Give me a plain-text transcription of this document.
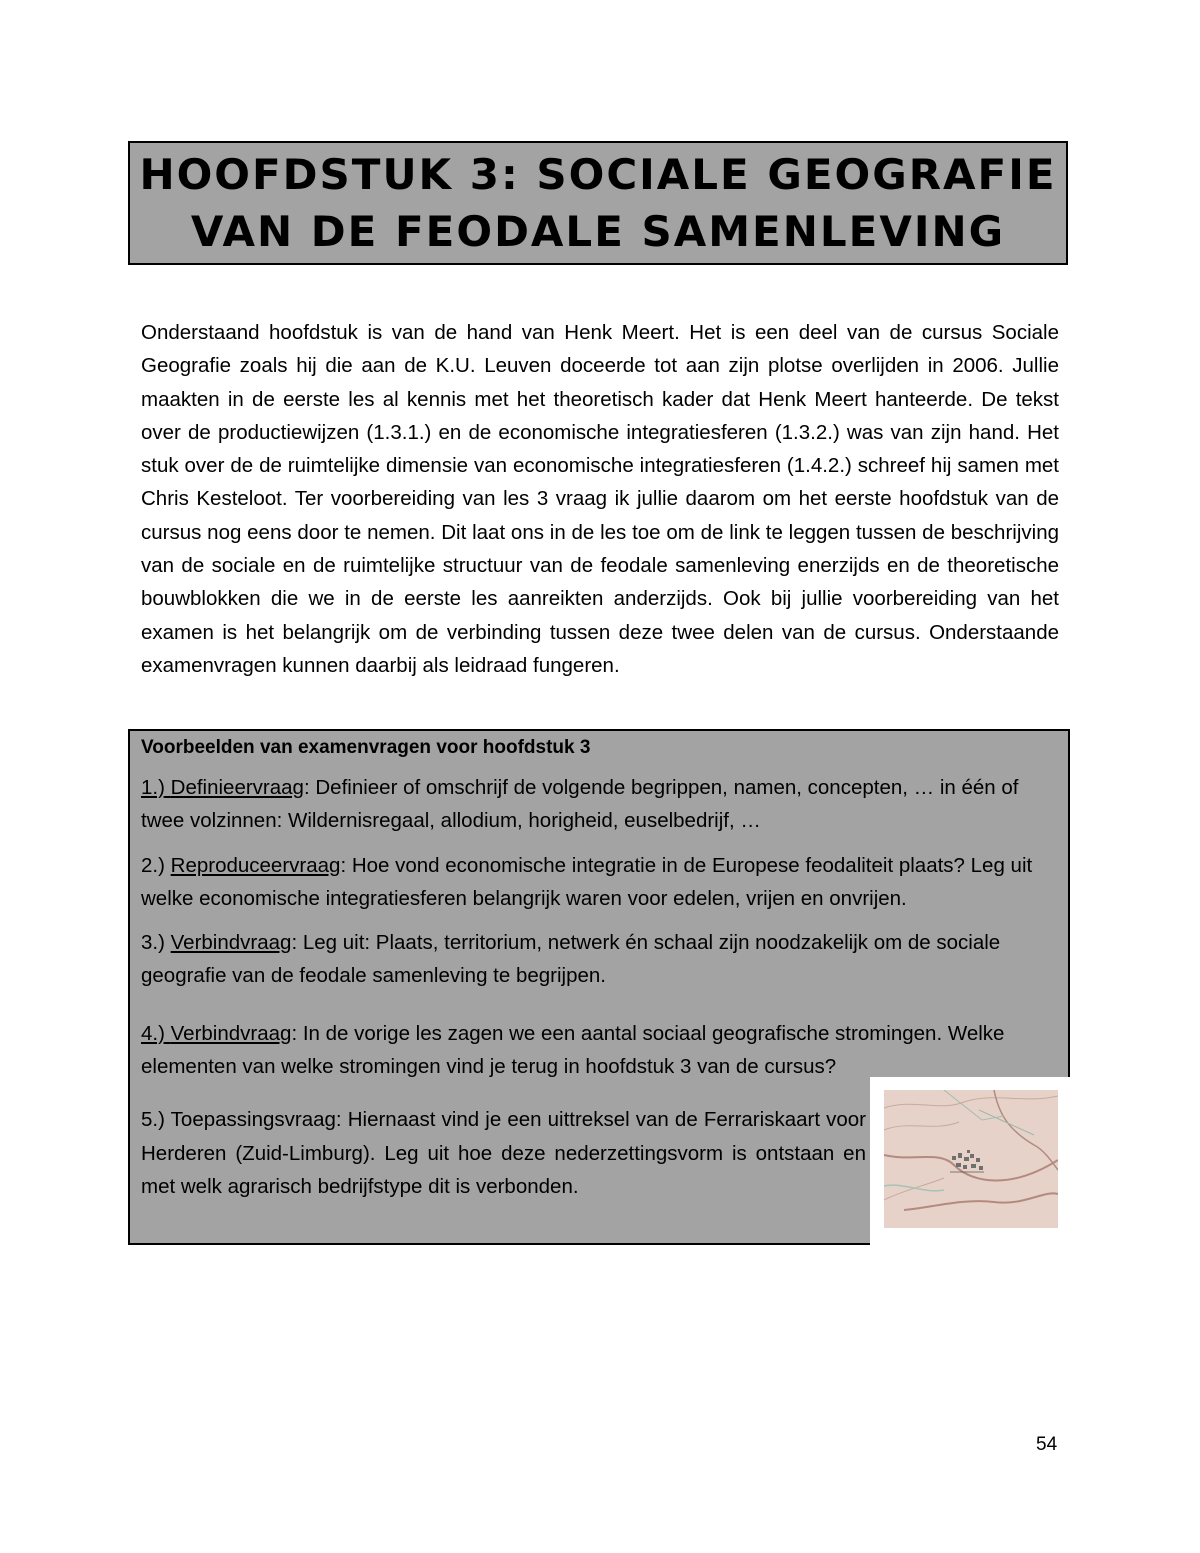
HOOFDSTUK 3: SOCIALE GEOGRAFIE
VAN DE FEODALE SAMENLEVING

Onderstaand hoofdstuk is van de hand van Henk Meert. Het is een deel van de cursus Sociale Geografie zoals hij die aan de K.U. Leuven doceerde tot aan zijn plotse overlijden in 2006. Jullie maakten in de eerste les al kennis met het theoretisch kader dat Henk Meert hanteerde. De tekst over de productiewijzen (1.3.1.) en de economische integratiesferen (1.3.2.) was van zijn hand. Het stuk over de de ruimtelijke dimensie van economische integratiesferen (1.4.2.) schreef hij samen met Chris Kesteloot. Ter voorbereiding van les 3 vraag ik jullie daarom om het eerste hoofdstuk van de cursus nog eens door te nemen. Dit laat ons in de les toe om de link te leggen tussen de beschrijving van de sociale en de ruimtelijke structuur van de feodale samenleving enerzijds en de theoretische bouwblokken die we in de eerste les aanreikten anderzijds. Ook bij jullie voorbereiding van het examen is het belangrijk om de verbinding tussen deze twee delen van de cursus. Onderstaande examenvragen kunnen daarbij als leidraad fungeren.

Voorbeelden van examenvragen voor hoofdstuk 3

1.) Definieervraag: Definieer of omschrijf de volgende begrippen, namen, concepten, … in één of twee volzinnen: Wildernisregaal, allodium, horigheid, euselbedrijf, …

2.) Reproduceervraag: Hoe vond economische integratie in de Europese feodaliteit plaats? Leg uit welke economische integratiesferen belangrijk waren voor edelen, vrijen en onvrijen.

3.) Verbindvraag: Leg uit: Plaats, territorium, netwerk én schaal zijn noodzakelijk om de sociale geografie van de feodale samenleving te begrijpen.

4.) Verbindvraag: In de vorige les zagen we een aantal sociaal geografische stromingen. Welke elementen van welke stromingen vind je terug in hoofdstuk 3 van de cursus?

5.) Toepassingsvraag: Hiernaast vind je een uittreksel van de Ferrariskaart voor Herderen (Zuid-Limburg). Leg uit hoe deze nederzettingsvorm is ontstaan en met welk agrarisch bedrijfstype dit is verbonden.

54
